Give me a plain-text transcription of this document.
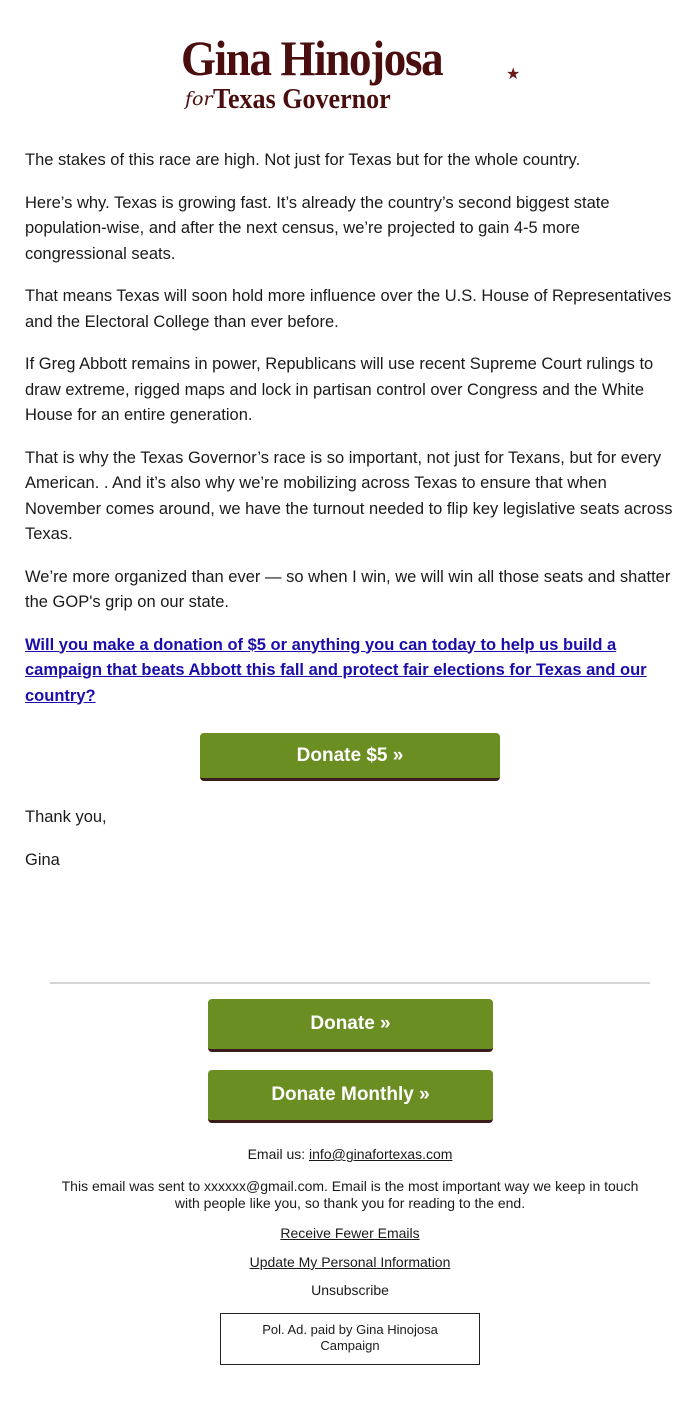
Gina Hinojosa	★
for Texas Governor

The stakes of this race are high. Not just for Texas but for the whole country.

Here’s why. Texas is growing fast. It’s already the country’s second biggest state population-wise, and after the next census, we’re projected to gain 4-5 more congressional seats.

That means Texas will soon hold more influence over the U.S. House of Representatives and the Electoral College than ever before.

If Greg Abbott remains in power, Republicans will use recent Supreme Court rulings to draw extreme, rigged maps and lock in partisan control over Congress and the White House for an entire generation.

That is why the Texas Governor’s race is so important, not just for Texans, but for every American. . And it’s also why we’re mobilizing across Texas to ensure that when November comes around, we have the turnout needed to flip key legislative seats across Texas.

We’re more organized than ever — so when I win, we will win all those seats and shatter the GOP's grip on our state.

Will you make a donation of $5 or anything you can today to help us build a campaign that beats Abbott this fall and protect fair elections for Texas and our country?

Donate $5 »
Thank you,
Gina
Donate »
Donate Monthly »
Email us: info@ginafortexas.com
This email was sent to xxxxxx@gmail.com. Email is the most important way we keep in touch with people like you, so thank you for reading to the end.
Receive Fewer Emails
Update My Personal Information
Unsubscribe
Pol. Ad. paid by Gina Hinojosa Campaign
